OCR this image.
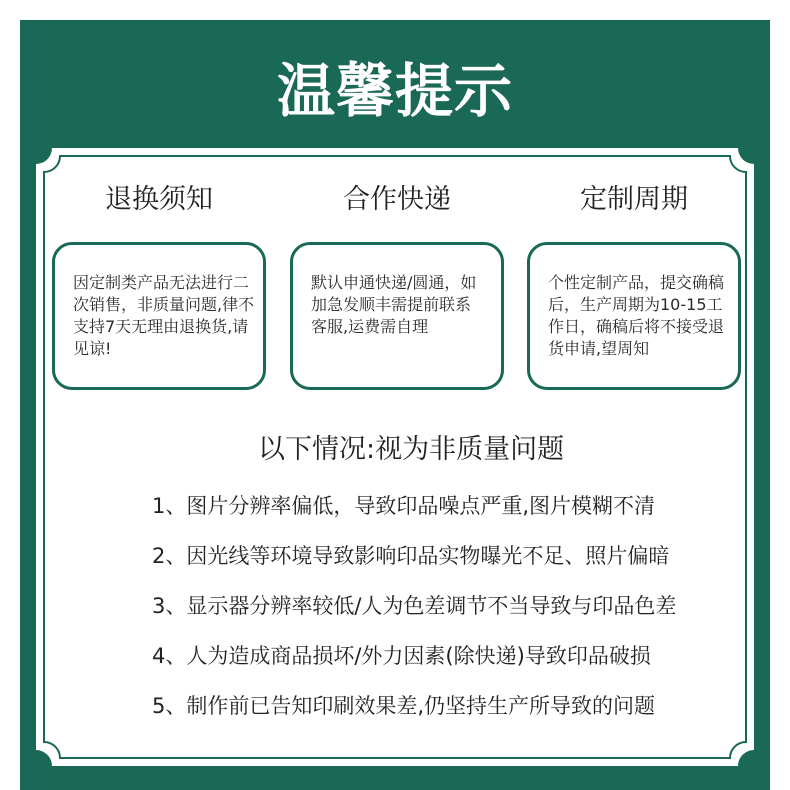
温馨提示
退换须知

因定制类产品无法进行二
次销售，非质量问题,律不
支持7天无理由退换货,请
见谅!

合作快递

默认申通快递/圆通，如
加急发顺丰需提前联系
客服,运费需自理

定制周期

个性定制产品，提交确稿
后，生产周期为10-15工
作日，确稿后将不接受退
货申请,望周知

以下情况:视为非质量问题
1、图片分辨率偏低，导致印品噪点严重,图片模糊不清
2、因光线等环境导致影响印品实物曝光不足、照片偏暗
3、显示器分辨率较低/人为色差调节不当导致与印品色差
4、人为造成商品损坏/外力因素(除快递)导致印品破损
5、制作前已告知印刷效果差,仍坚持生产所导致的问题
